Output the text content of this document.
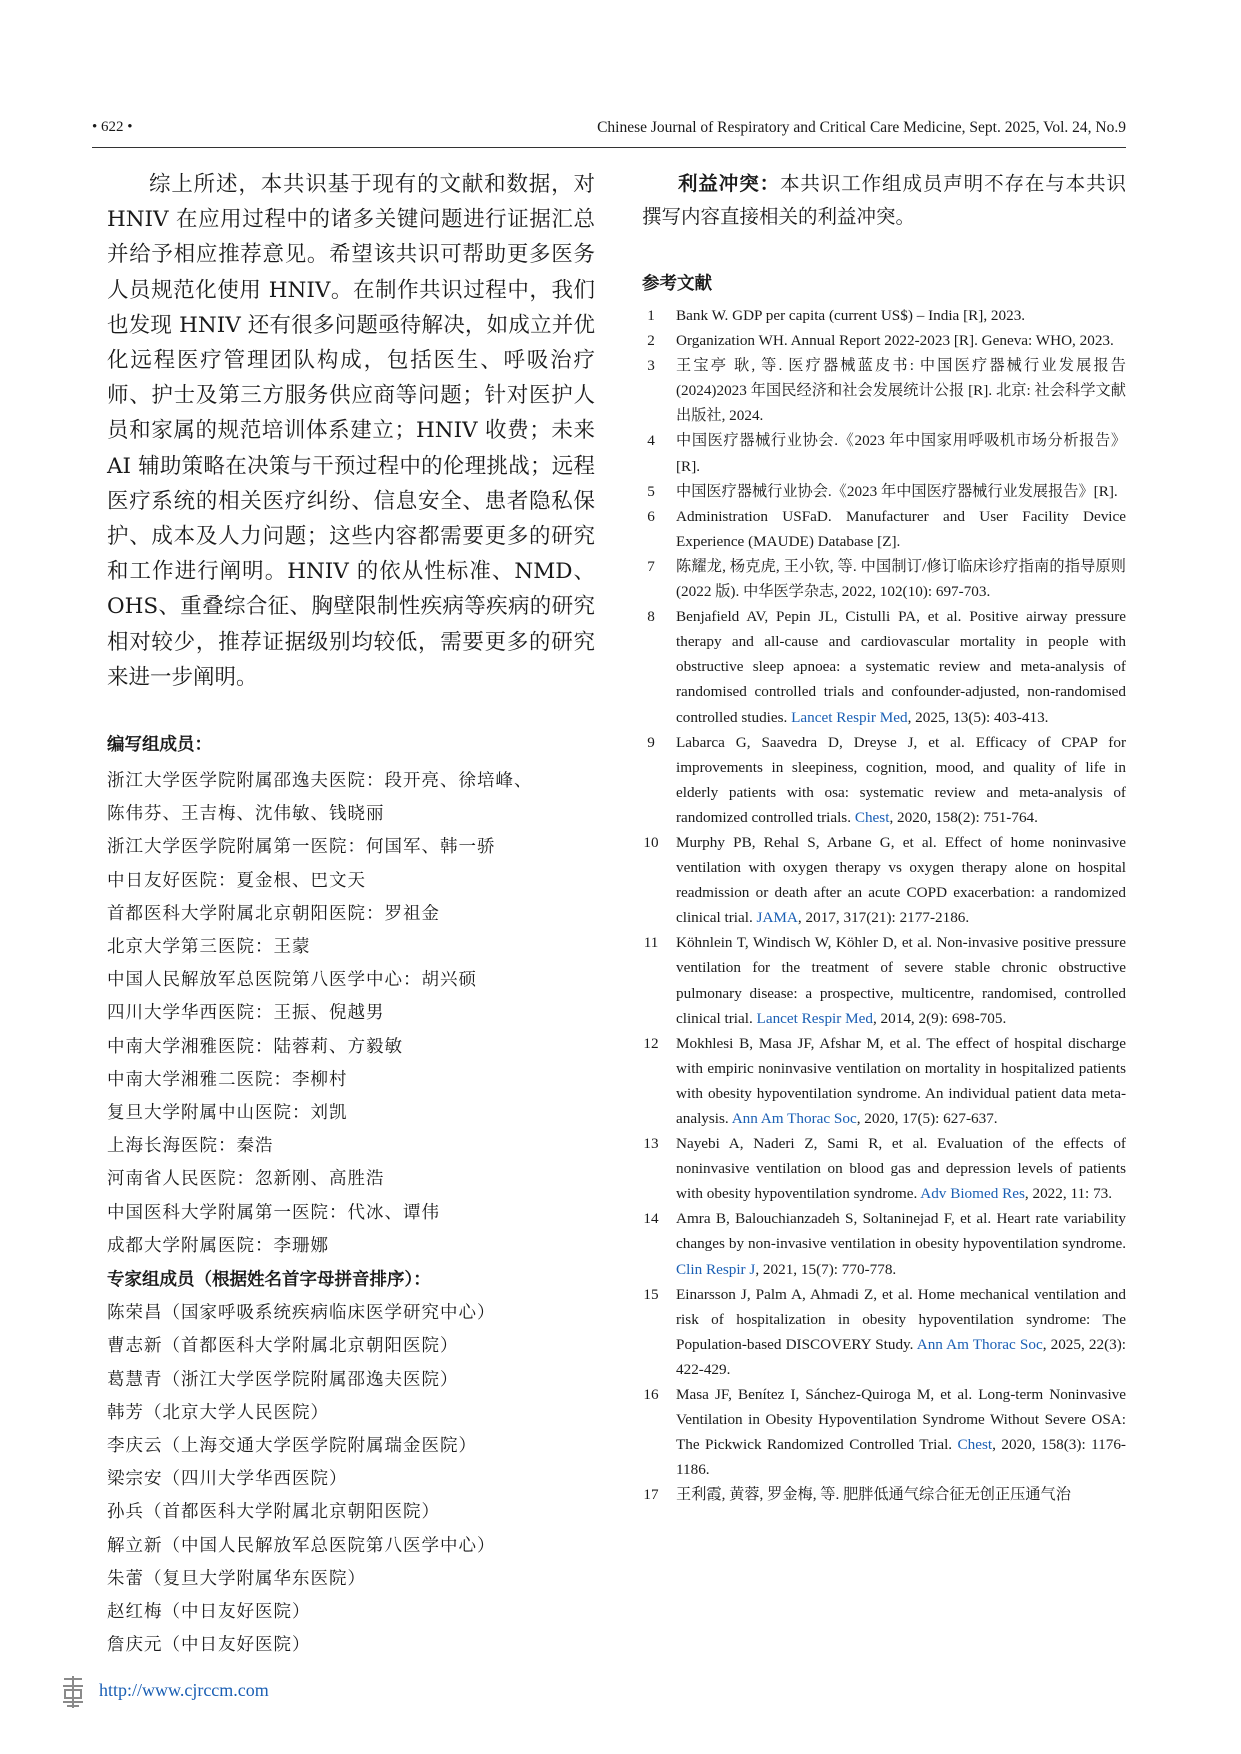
• 622 •	Chinese Journal of Respiratory and Critical Care Medicine, Sept. 2025, Vol. 24, No.9

综上所述，本共识基于现有的文献和数据，对 HNIV 在应用过程中的诸多关键问题进行证据汇总并给予相应推荐意见。希望该共识可帮助更多医务人员规范化使用 HNIV。在制作共识过程中，我们也发现 HNIV 还有很多问题亟待解决，如成立并优化远程医疗管理团队构成，包括医生、呼吸治疗师、护士及第三方服务供应商等问题；针对医护人员和家属的规范培训体系建立；HNIV 收费；未来 AI 辅助策略在决策与干预过程中的伦理挑战；远程医疗系统的相关医疗纠纷、信息安全、患者隐私保护、成本及人力问题；这些内容都需要更多的研究和工作进行阐明。HNIV 的依从性标准、NMD、OHS、重叠综合征、胸壁限制性疾病等疾病的研究相对较少，推荐证据级别均较低，需要更多的研究来进一步阐明。

编写组成员：
浙江大学医学院附属邵逸夫医院：段开亮、徐培峰、
陈伟芬、王吉梅、沈伟敏、钱晓丽
浙江大学医学院附属第一医院：何国军、韩一骄
中日友好医院：夏金根、巴文天
首都医科大学附属北京朝阳医院：罗祖金
北京大学第三医院：王蒙
中国人民解放军总医院第八医学中心：胡兴硕
四川大学华西医院：王振、倪越男
中南大学湘雅医院：陆蓉莉、方毅敏
中南大学湘雅二医院：李柳村
复旦大学附属中山医院：刘凯
上海长海医院：秦浩
河南省人民医院：忽新刚、高胜浩
中国医科大学附属第一医院：代冰、谭伟
成都大学附属医院：李珊娜
专家组成员（根据姓名首字母拼音排序）：
陈荣昌（国家呼吸系统疾病临床医学研究中心）
曹志新（首都医科大学附属北京朝阳医院）
葛慧青（浙江大学医学院附属邵逸夫医院）
韩芳（北京大学人民医院）
李庆云（上海交通大学医学院附属瑞金医院）
梁宗安（四川大学华西医院）
孙兵（首都医科大学附属北京朝阳医院）
解立新（中国人民解放军总医院第八医学中心）
朱蕾（复旦大学附属华东医院）
赵红梅（中日友好医院）
詹庆元（中日友好医院）

利益冲突：本共识工作组成员声明不存在与本共识撰写内容直接相关的利益冲突。

参考文献
1	Bank W. GDP per capita (current US$) – India [R], 2023.
2	Organization WH. Annual Report 2022-2023 [R]. Geneva: WHO, 2023.
3	王宝亭 耿, 等. 医疗器械蓝皮书: 中国医疗器械行业发展报告(2024)2023 年国民经济和社会发展统计公报 [R]. 北京: 社会科学文献出版社, 2024.
4	中国医疗器械行业协会.《2023 年中国家用呼吸机市场分析报告》[R].
5	中国医疗器械行业协会.《2023 年中国医疗器械行业发展报告》[R].
6	Administration USFaD. Manufacturer and User Facility Device Experience (MAUDE) Database [Z].
7	陈耀龙, 杨克虎, 王小钦, 等. 中国制订/修订临床诊疗指南的指导原则 (2022 版). 中华医学杂志, 2022, 102(10): 697-703.
8	Benjafield AV, Pepin JL, Cistulli PA, et al. Positive airway pressure therapy and all-cause and cardiovascular mortality in people with obstructive sleep apnoea: a systematic review and meta-analysis of randomised controlled trials and confounder-adjusted, non-randomised controlled studies. Lancet Respir Med, 2025, 13(5): 403-413.
9	Labarca G, Saavedra D, Dreyse J, et al. Efficacy of CPAP for improvements in sleepiness, cognition, mood, and quality of life in elderly patients with osa: systematic review and meta-analysis of randomized controlled trials. Chest, 2020, 158(2): 751-764.
10 Murphy PB, Rehal S, Arbane G, et al. Effect of home noninvasive ventilation with oxygen therapy vs oxygen therapy alone on hospital readmission or death after an acute COPD exacerbation: a randomized clinical trial. JAMA, 2017, 317(21): 2177-2186.
11 Köhnlein T, Windisch W, Köhler D, et al. Non-invasive positive pressure ventilation for the treatment of severe stable chronic obstructive pulmonary disease: a prospective, multicentre, randomised, controlled clinical trial. Lancet Respir Med, 2014, 2(9): 698-705.
12 Mokhlesi B, Masa JF, Afshar M, et al. The effect of hospital discharge with empiric noninvasive ventilation on mortality in hospitalized patients with obesity hypoventilation syndrome. An individual patient data meta-analysis. Ann Am Thorac Soc, 2020, 17(5): 627-637.
13 Nayebi A, Naderi Z, Sami R, et al. Evaluation of the effects of noninvasive ventilation on blood gas and depression levels of patients with obesity hypoventilation syndrome. Adv Biomed Res, 2022, 11: 73.
14 Amra B, Balouchianzadeh S, Soltaninejad F, et al. Heart rate variability changes by non-invasive ventilation in obesity hypoventilation syndrome. Clin Respir J, 2021, 15(7): 770-778.
15 Einarsson J, Palm A, Ahmadi Z, et al. Home mechanical ventilation and risk of hospitalization in obesity hypoventilation syndrome: The Population-based DISCOVERY Study. Ann Am Thorac Soc, 2025, 22(3): 422-429.
16 Masa JF, Benítez I, Sánchez-Quiroga M, et al. Long-term Noninvasive Ventilation in Obesity Hypoventilation Syndrome Without Severe OSA: The Pickwick Randomized Controlled Trial. Chest, 2020, 158(3): 1176-1186.
17 王利霞, 黄蓉, 罗金梅, 等. 肥胖低通气综合征无创正压通气治
http://www.cjrccm.com
